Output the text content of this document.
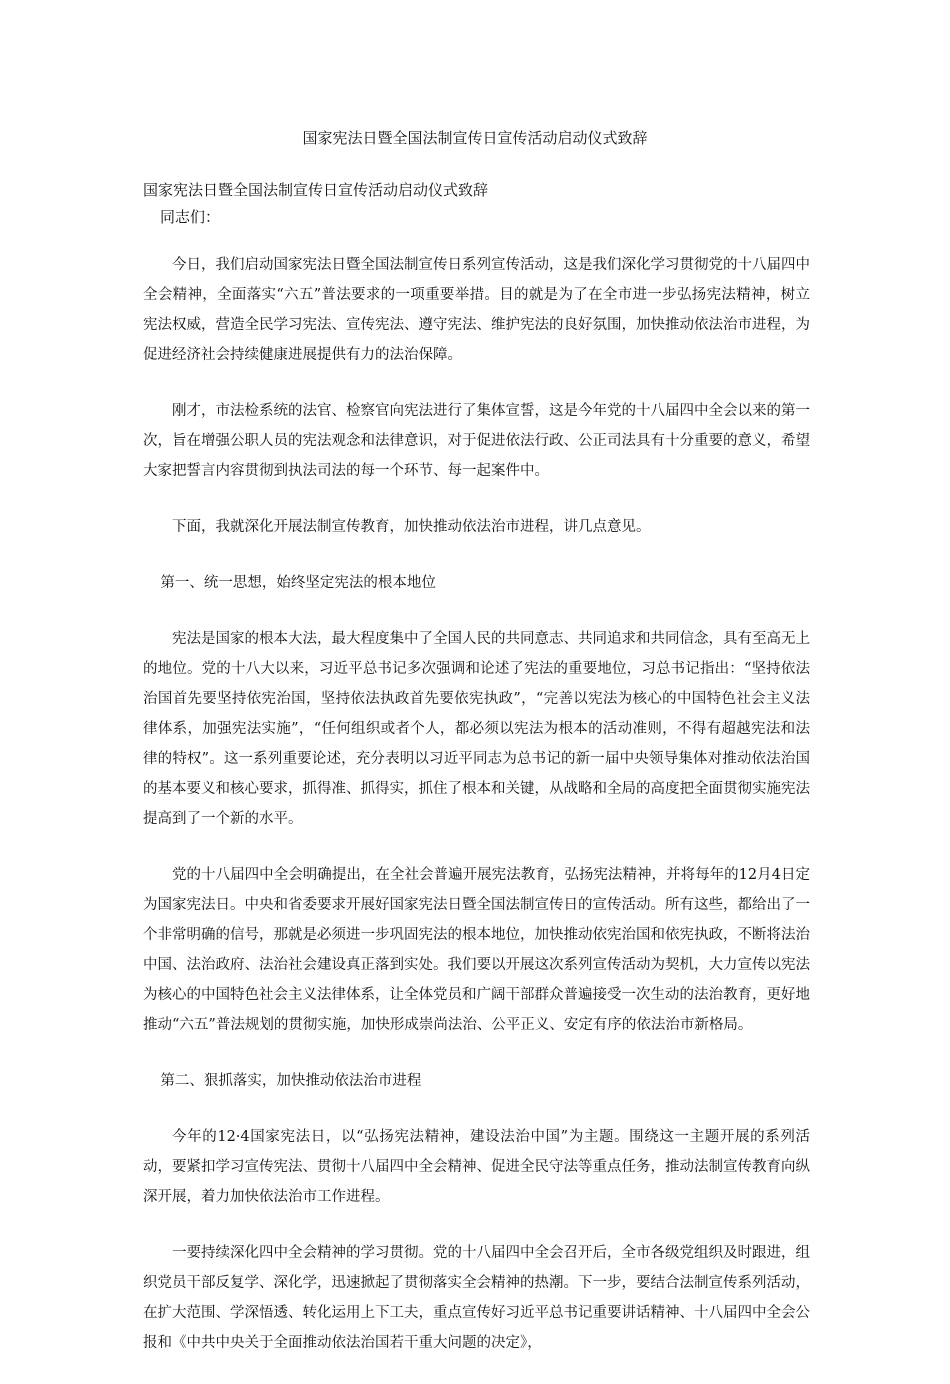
国家宪法日暨全国法制宣传日宣传活动启动仪式致辞
国家宪法日暨全国法制宣传日宣传活动启动仪式致辞
同志们：

今日，我们启动国家宪法日暨全国法制宣传日系列宣传活动，这是我们深化学习贯彻党的十八届四中全会精神，全面落实“六五”普法要求的一项重要举措。目的就是为了在全市进一步弘扬宪法精神，树立宪法权威，营造全民学习宪法、宣传宪法、遵守宪法、维护宪法的良好氛围，加快推动依法治市进程，为促进经济社会持续健康进展提供有力的法治保障。

刚才，市法检系统的法官、检察官向宪法进行了集体宣誓，这是今年党的十八届四中全会以来的第一次，旨在增强公职人员的宪法观念和法律意识，对于促进依法行政、公正司法具有十分重要的意义，希望大家把誓言内容贯彻到执法司法的每一个环节、每一起案件中。

下面，我就深化开展法制宣传教育，加快推动依法治市进程，讲几点意见。

第一、统一思想，始终坚定宪法的根本地位

宪法是国家的根本大法，最大程度集中了全国人民的共同意志、共同追求和共同信念，具有至高无上的地位。党的十八大以来，习近平总书记多次强调和论述了宪法的重要地位，习总书记指出：“坚持依法治国首先要坚持依宪治国，坚持依法执政首先要依宪执政”，“完善以宪法为核心的中国特色社会主义法律体系，加强宪法实施”，“任何组织或者个人，都必须以宪法为根本的活动准则，不得有超越宪法和法律的特权”。这一系列重要论述，充分表明以习近平同志为总书记的新一届中央领导集体对推动依法治国的基本要义和核心要求，抓得准、抓得实，抓住了根本和关键，从战略和全局的高度把全面贯彻实施宪法提高到了一个新的水平。

党的十八届四中全会明确提出，在全社会普遍开展宪法教育，弘扬宪法精神，并将每年的12月4日定为国家宪法日。中央和省委要求开展好国家宪法日暨全国法制宣传日的宣传活动。所有这些，都给出了一个非常明确的信号，那就是必须进一步巩固宪法的根本地位，加快推动依宪治国和依宪执政，不断将法治中国、法治政府、法治社会建设真正落到实处。我们要以开展这次系列宣传活动为契机，大力宣传以宪法为核心的中国特色社会主义法律体系，让全体党员和广阔干部群众普遍接受一次生动的法治教育，更好地推动“六五”普法规划的贯彻实施，加快形成崇尚法治、公平正义、安定有序的依法治市新格局。

第二、狠抓落实，加快推动依法治市进程

今年的12·4国家宪法日，以“弘扬宪法精神，建设法治中国”为主题。围绕这一主题开展的系列活动，要紧扣学习宣传宪法、贯彻十八届四中全会精神、促进全民守法等重点任务，推动法制宣传教育向纵深开展，着力加快依法治市工作进程。

一要持续深化四中全会精神的学习贯彻。党的十八届四中全会召开后，全市各级党组织及时跟进，组织党员干部反复学、深化学，迅速掀起了贯彻落实全会精神的热潮。下一步，要结合法制宣传系列活动，在扩大范围、学深悟透、转化运用上下工夫，重点宣传好习近平总书记重要讲话精神、十八届四中全会公报和《中共中央关于全面推动依法治国若干重大问题的决定》，
